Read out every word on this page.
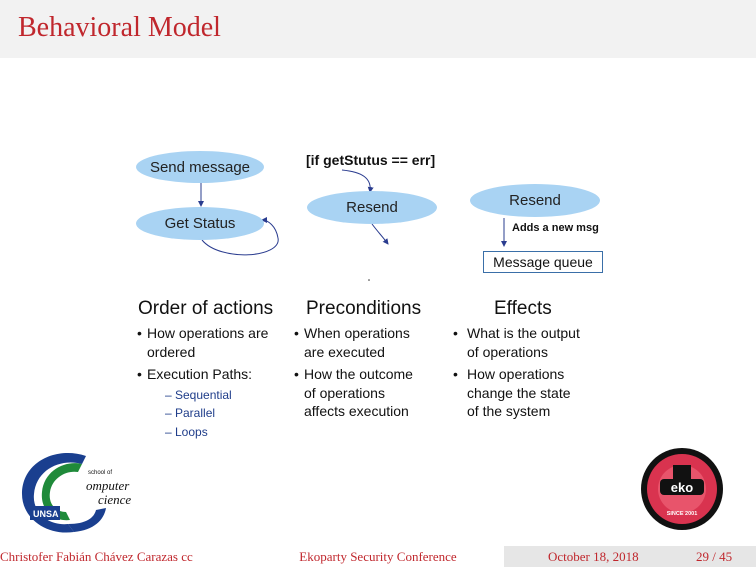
Behavioral Model
Send message
Get Status
[if getStutus == err]
Resend	Resend
Adds a new msg
Message queue
Order of actions
• How operations are
ordered
• Execution Paths:
– Sequential
– Parallel
– Loops
Preconditions
• When operations
are executed
• How the outcome
of operations
affects execution
Effects
• What is the output
of operations
• How operations
change the state
of the system
UNSA
school of
omputer
cience
eko
SINCE 2001
Christofer Fabián Chávez Carazas cc	Ekoparty Security Conference	October 18, 2018	29 / 45
